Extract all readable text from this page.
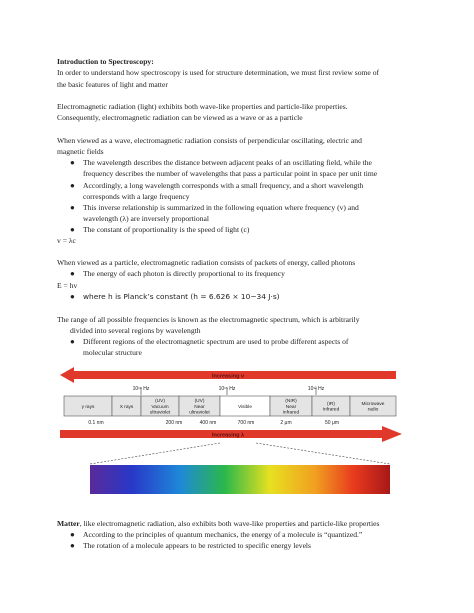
Introduction to Spectroscopy:
In order to understand how spectroscopy is used for structure determination, we must first review some of
the basic features of light and matter
Electromagnetic radiation (light) exhibits both wave-like properties and particle-like properties.
Consequently, electromagnetic radiation can be viewed as a wave or as a particle
When viewed as a wave, electromagnetic radiation consists of perpendicular oscillating, electric and
magnetic fields
● The wavelength describes the distance between adjacent peaks of an oscillating field, while the
frequency describes the number of wavelengths that pass a particular point in space per unit time
● Accordingly, a long wavelength corresponds with a small frequency, and a short wavelength
corresponds with a large frequency
● This inverse relationship is summarized in the following equation where frequency (v) and
wavelength (λ) are inversely proportional
● The constant of proportionality is the speed of light (c)
v = λc
When viewed as a particle, electromagnetic radiation consists of packets of energy, called photons
● The energy of each photon is directly proportional to its frequency
E = hv
● where h is Planck’s constant (h = 6.626 × 10−34 J·s)
The range of all possible frequencies is known as the electromagnetic spectrum, which is arbitrarily
divided into several regions by wavelength
● Different regions of the electromagnetic spectrum are used to probe different aspects of
molecular structure
Increasing ν
10¹⁸ Hz	10¹⁵ Hz	10¹² Hz
γ rays	X rays
(UV)
Vacuum
ultraviolet
(UV)
Near
ultraviolet
Visible
(NIR)
Near
infrared
(IR)
Infrared
Microwave
radio
0.1 nm	200 nm	400 nm	700 nm	2 μm	50 μm
Increasing λ
Matter, like electromagnetic radiation, also exhibits both wave-like properties and particle-like properties
● According to the principles of quantum mechanics, the energy of a molecule is “quantized.”
● The rotation of a molecule appears to be restricted to specific energy levels
